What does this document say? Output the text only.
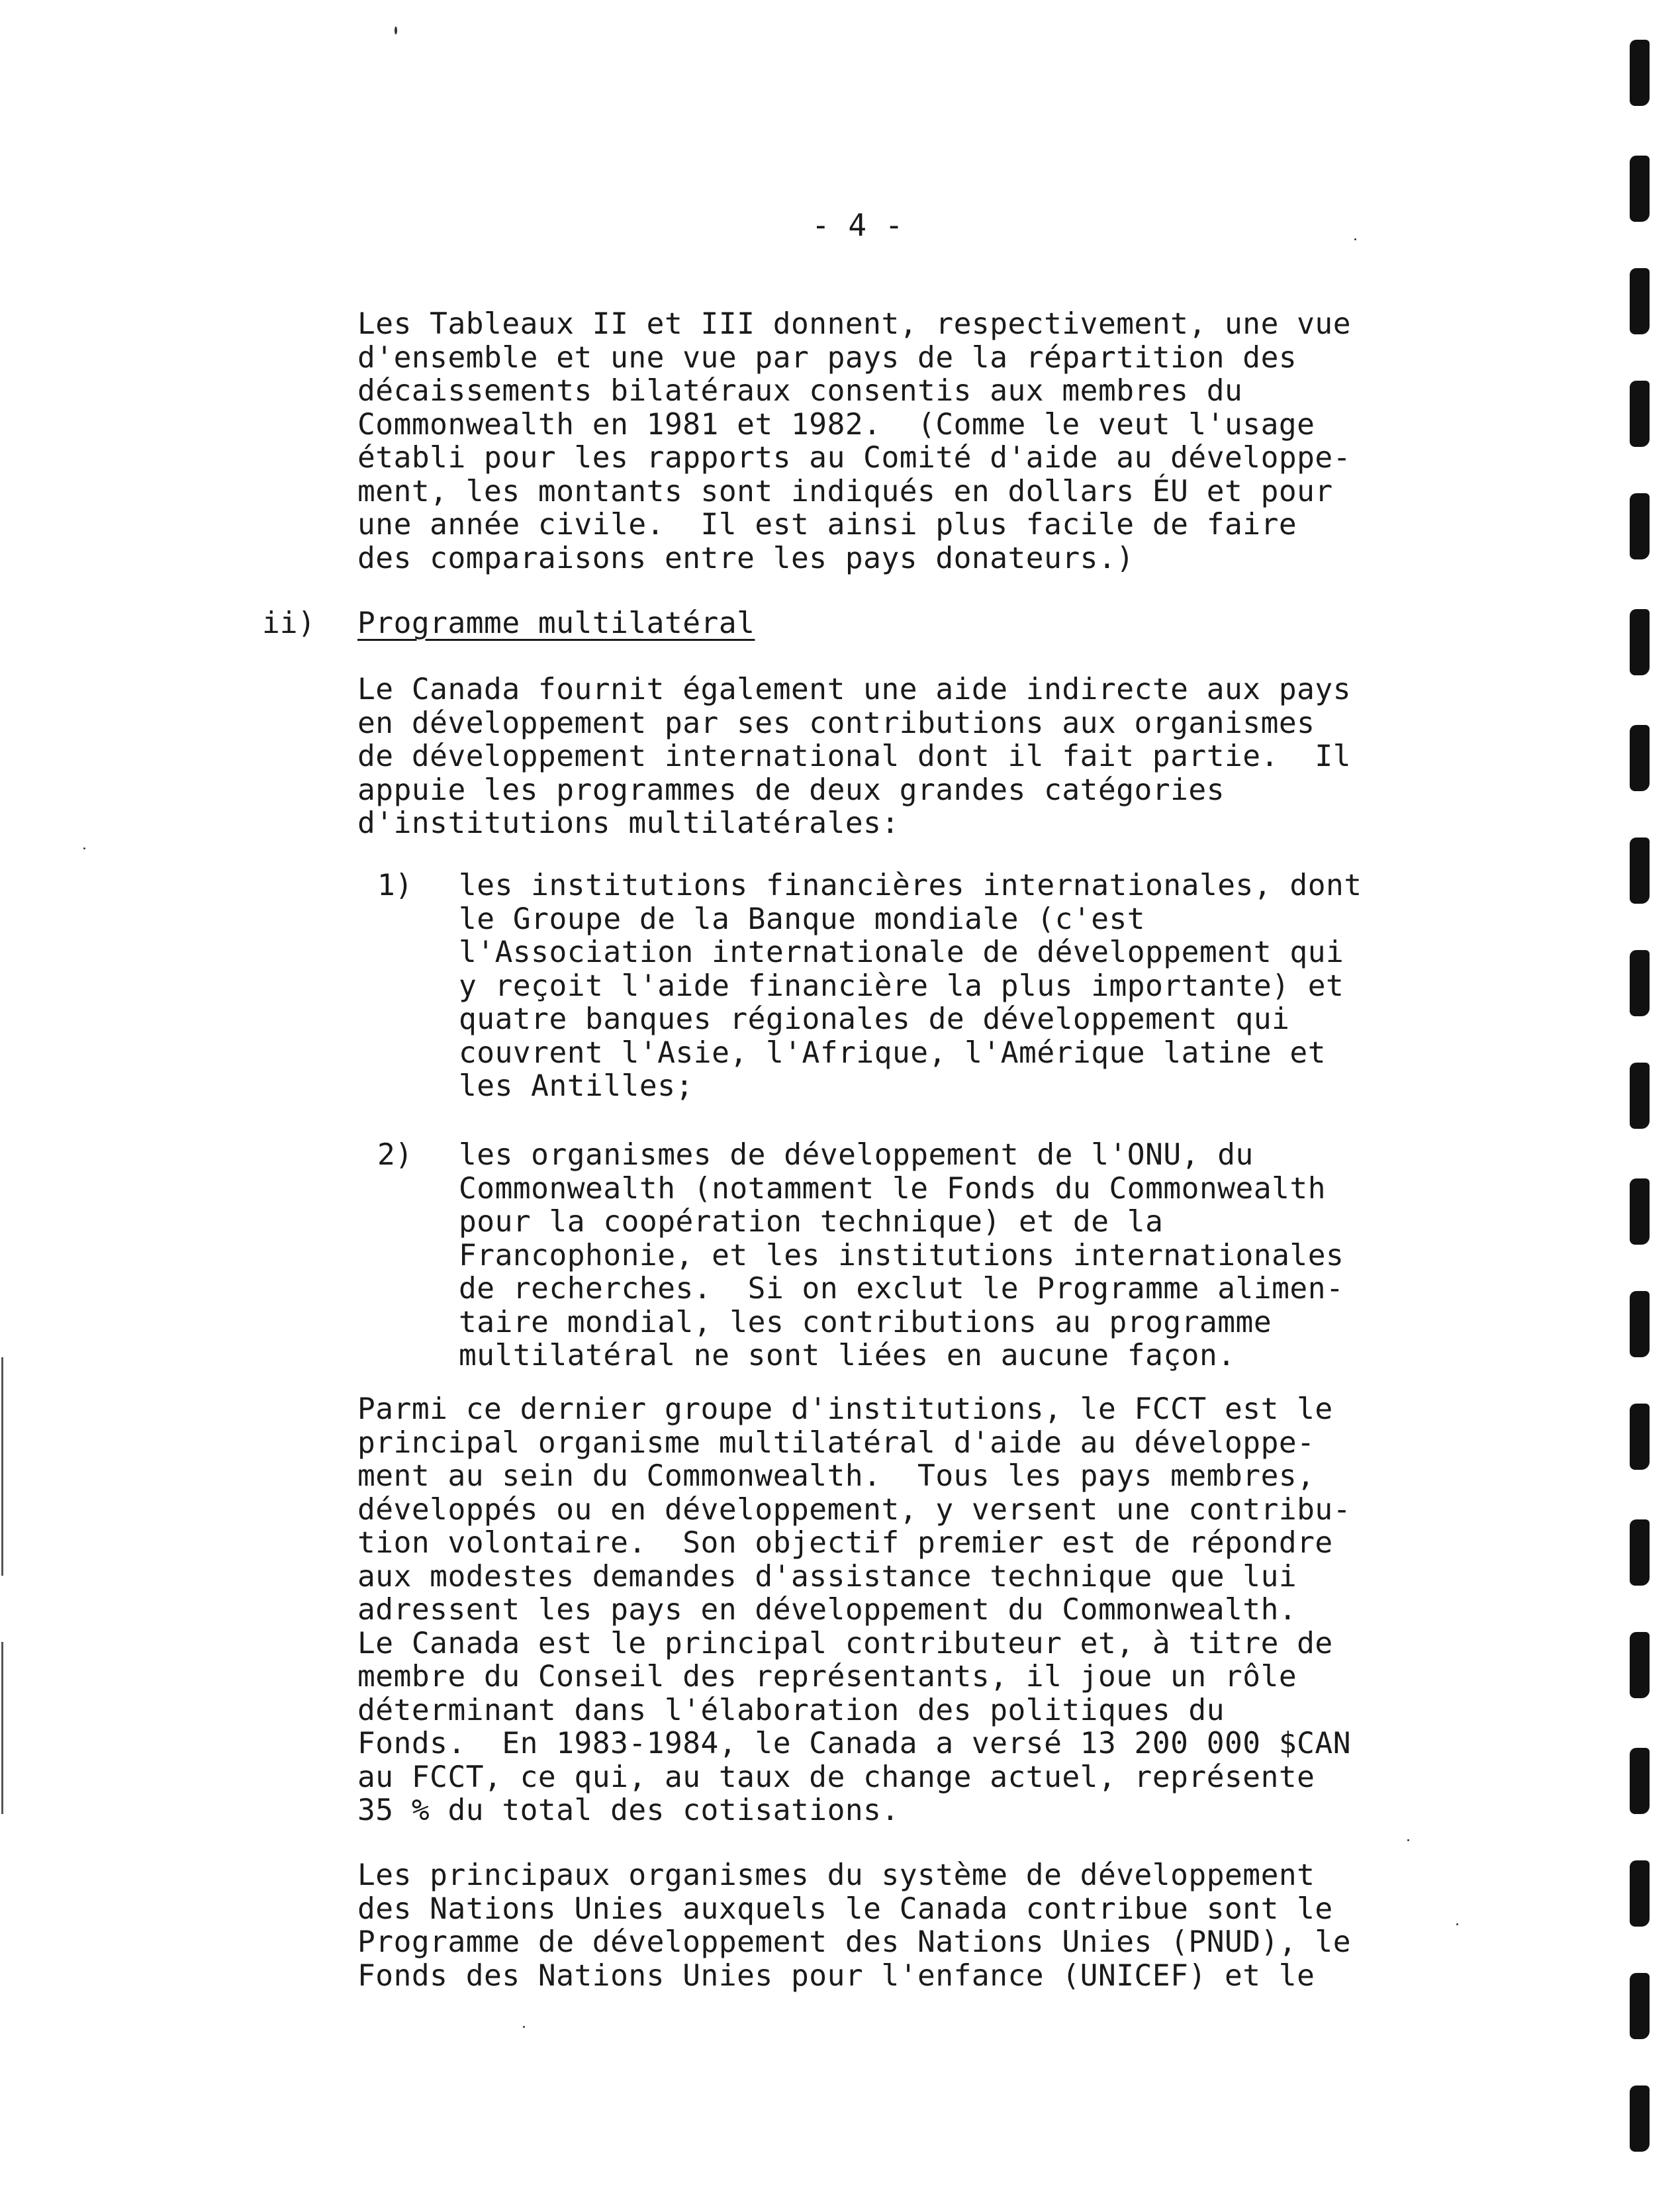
- 4 -
Les Tableaux II et III donnent, respectivement, une vue
d'ensemble et une vue par pays de la répartition des
décaissements bilatéraux consentis aux membres du
Commonwealth en 1981 et 1982.  (Comme le veut l'usage
établi pour les rapports au Comité d'aide au développe-
ment, les montants sont indiqués en dollars ÉU et pour
une année civile.  Il est ainsi plus facile de faire
des comparaisons entre les pays donateurs.)
ii) Programme multilatéral
Le Canada fournit également une aide indirecte aux pays
en développement par ses contributions aux organismes
de développement international dont il fait partie.  Il
appuie les programmes de deux grandes catégories
d'institutions multilatérales:
1) les institutions financières internationales, dont
le Groupe de la Banque mondiale (c'est
l'Association internationale de développement qui
y reçoit l'aide financière la plus importante) et
quatre banques régionales de développement qui
couvrent l'Asie, l'Afrique, l'Amérique latine et
les Antilles;
2) les organismes de développement de l'ONU, du
Commonwealth (notamment le Fonds du Commonwealth
pour la coopération technique) et de la
Francophonie, et les institutions internationales
de recherches.  Si on exclut le Programme alimen-
taire mondial, les contributions au programme
multilatéral ne sont liées en aucune façon.
Parmi ce dernier groupe d'institutions, le FCCT est le
principal organisme multilatéral d'aide au développe-
ment au sein du Commonwealth.  Tous les pays membres,
développés ou en développement, y versent une contribu-
tion volontaire.  Son objectif premier est de répondre
aux modestes demandes d'assistance technique que lui
adressent les pays en développement du Commonwealth.
Le Canada est le principal contributeur et, à titre de
membre du Conseil des représentants, il joue un rôle
déterminant dans l'élaboration des politiques du
Fonds.  En 1983-1984, le Canada a versé 13 200 000 $CAN
au FCCT, ce qui, au taux de change actuel, représente
35 % du total des cotisations.
Les principaux organismes du système de développement
des Nations Unies auxquels le Canada contribue sont le
Programme de développement des Nations Unies (PNUD), le
Fonds des Nations Unies pour l'enfance (UNICEF) et le
